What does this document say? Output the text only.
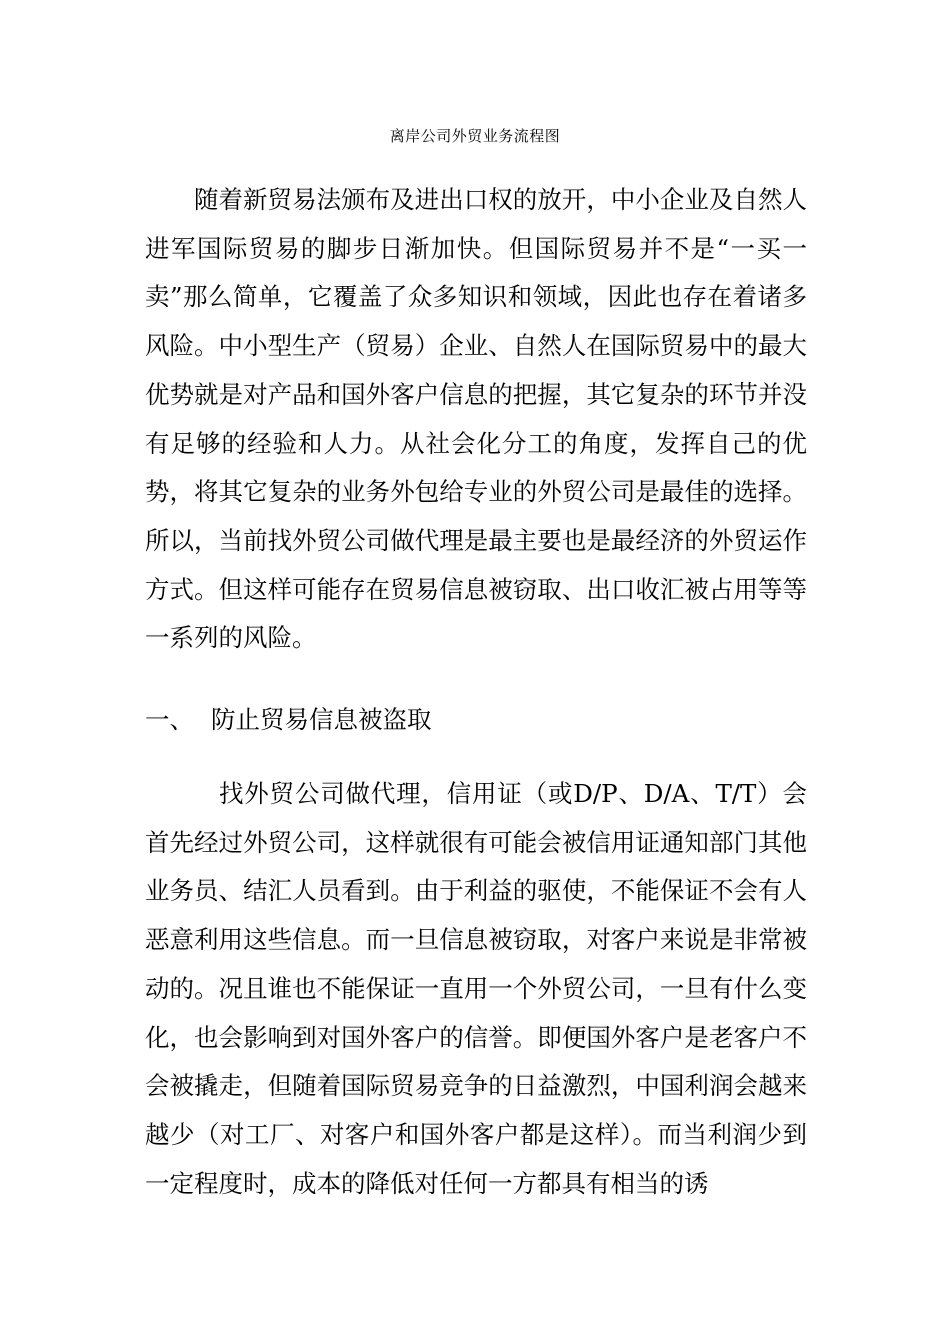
离岸公司外贸业务流程图

随着新贸易法颁布及进出口权的放开，中小企业及自然人进军国际贸易的脚步日渐加快。但国际贸易并不是“一买一卖”那么简单，它覆盖了众多知识和领域，因此也存在着诸多风险。中小型生产（贸易）企业、自然人在国际贸易中的最大优势就是对产品和国外客户信息的把握，其它复杂的环节并没有足够的经验和人力。从社会化分工的角度，发挥自己的优势，将其它复杂的业务外包给专业的外贸公司是最佳的选择。所以，当前找外贸公司做代理是最主要也是最经济的外贸运作方式。但这样可能存在贸易信息被窃取、出口收汇被占用等等一系列的风险。

一、 防止贸易信息被盗取

找外贸公司做代理，信用证（或D/P、D/A、T/T）会首先经过外贸公司，这样就很有可能会被信用证通知部门其他业务员、结汇人员看到。由于利益的驱使，不能保证不会有人恶意利用这些信息。而一旦信息被窃取，对客户来说是非常被动的。况且谁也不能保证一直用一个外贸公司，一旦有什么变化，也会影响到对国外客户的信誉。即便国外客户是老客户不会被撬走，但随着国际贸易竞争的日益激烈，中国利润会越来越少（对工厂、对客户和国外客户都是这样）。而当利润少到一定程度时，成本的降低对任何一方都具有相当的诱
